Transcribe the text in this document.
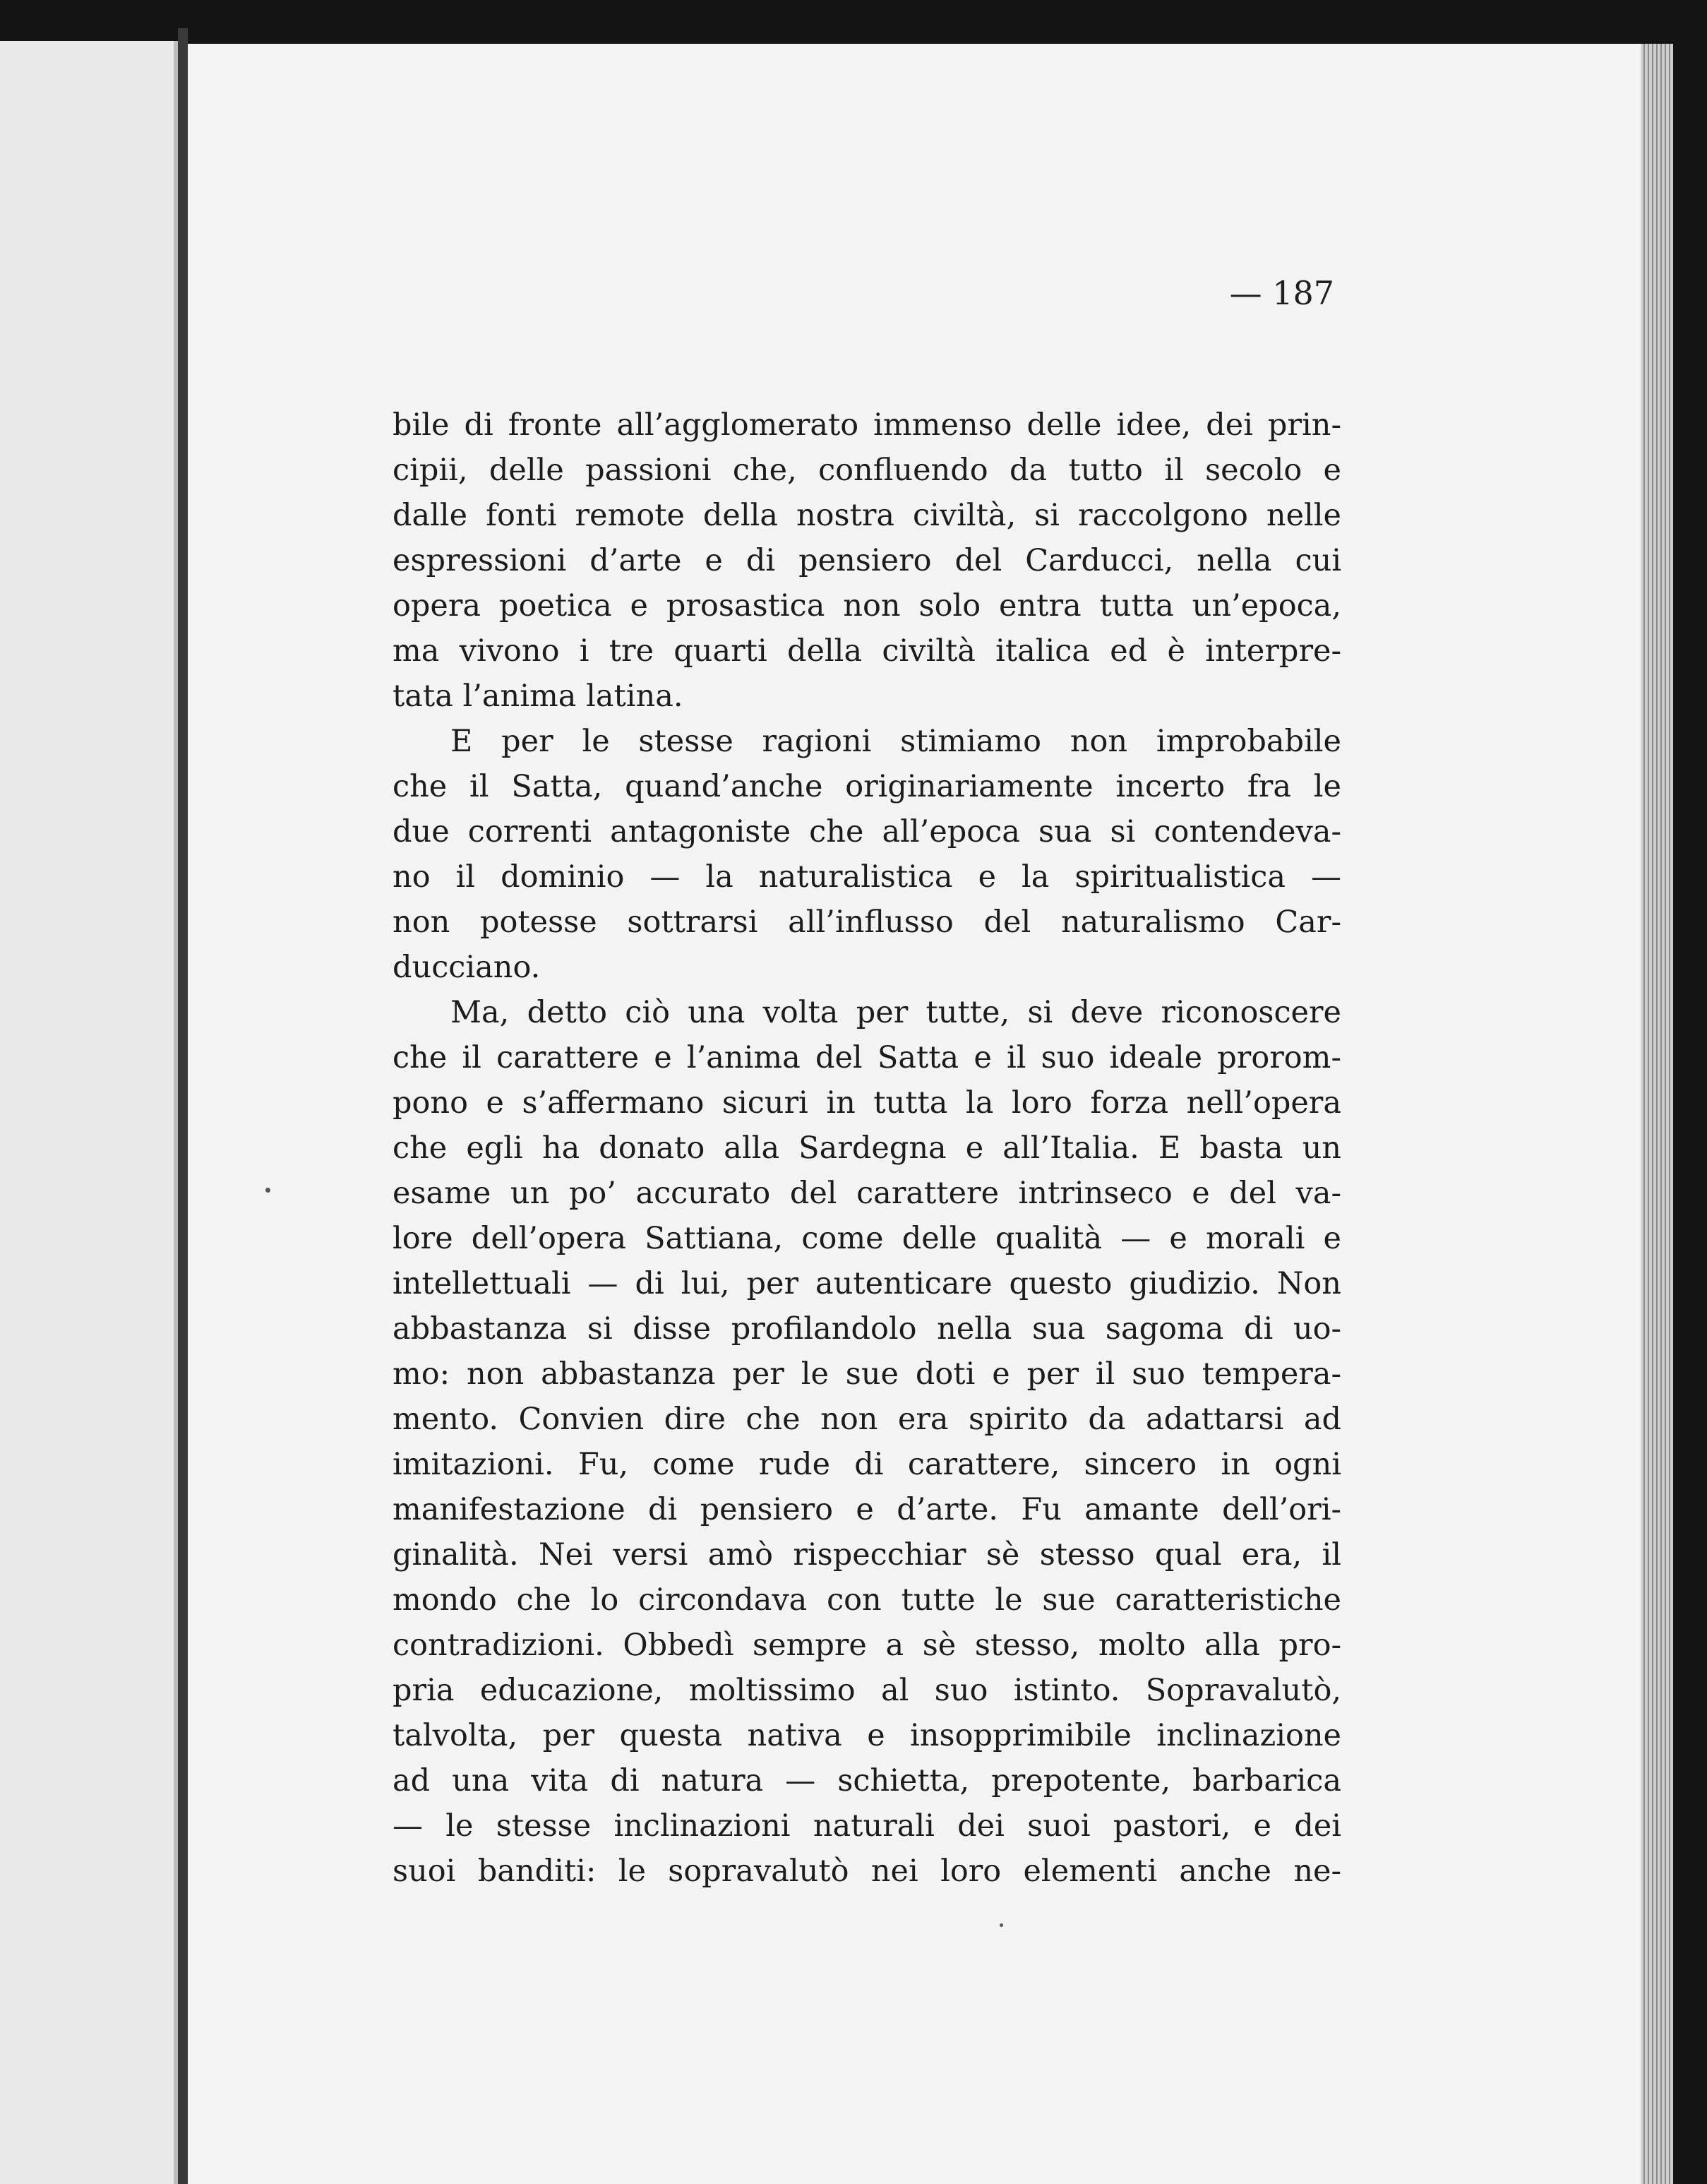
— 187
bile di fronte all’agglomerato immenso delle idee, dei prin-
cipii, delle passioni che, confluendo da tutto il secolo e
dalle fonti remote della nostra civiltà, si raccolgono nelle
espressioni d’arte e di pensiero del Carducci, nella cui
opera poetica e prosastica non solo entra tutta un’epoca,
ma vivono i tre quarti della civiltà italica ed è interpre-
tata l’anima latina.
E per le stesse ragioni stimiamo non improbabile
che il Satta, quand’anche originariamente incerto fra le
due correnti antagoniste che all’epoca sua si contendeva-
no il dominio — la naturalistica e la spiritualistica —
non potesse sottrarsi all’influsso del naturalismo Car-
ducciano.
Ma, detto ciò una volta per tutte, si deve riconoscere
che il carattere e l’anima del Satta e il suo ideale prorom-
pono e s’affermano sicuri in tutta la loro forza nell’opera
che egli ha donato alla Sardegna e all’Italia. E basta un
esame un po’ accurato del carattere intrinseco e del va-
lore dell’opera Sattiana, come delle qualità — e morali e
intellettuali — di lui, per autenticare questo giudizio. Non
abbastanza si disse profilandolo nella sua sagoma di uo-
mo: non abbastanza per le sue doti e per il suo tempera-
mento. Convien dire che non era spirito da adattarsi ad
imitazioni. Fu, come rude di carattere, sincero in ogni
manifestazione di pensiero e d’arte. Fu amante dell’ori-
ginalità. Nei versi amò rispecchiar sè stesso qual era, il
mondo che lo circondava con tutte le sue caratteristiche
contradizioni. Obbedì sempre a sè stesso, molto alla pro-
pria educazione, moltissimo al suo istinto. Sopravalutò,
talvolta, per questa nativa e insopprimibile inclinazione
ad una vita di natura — schietta, prepotente, barbarica
— le stesse inclinazioni naturali dei suoi pastori, e dei
suoi banditi: le sopravalutò nei loro elementi anche ne-
